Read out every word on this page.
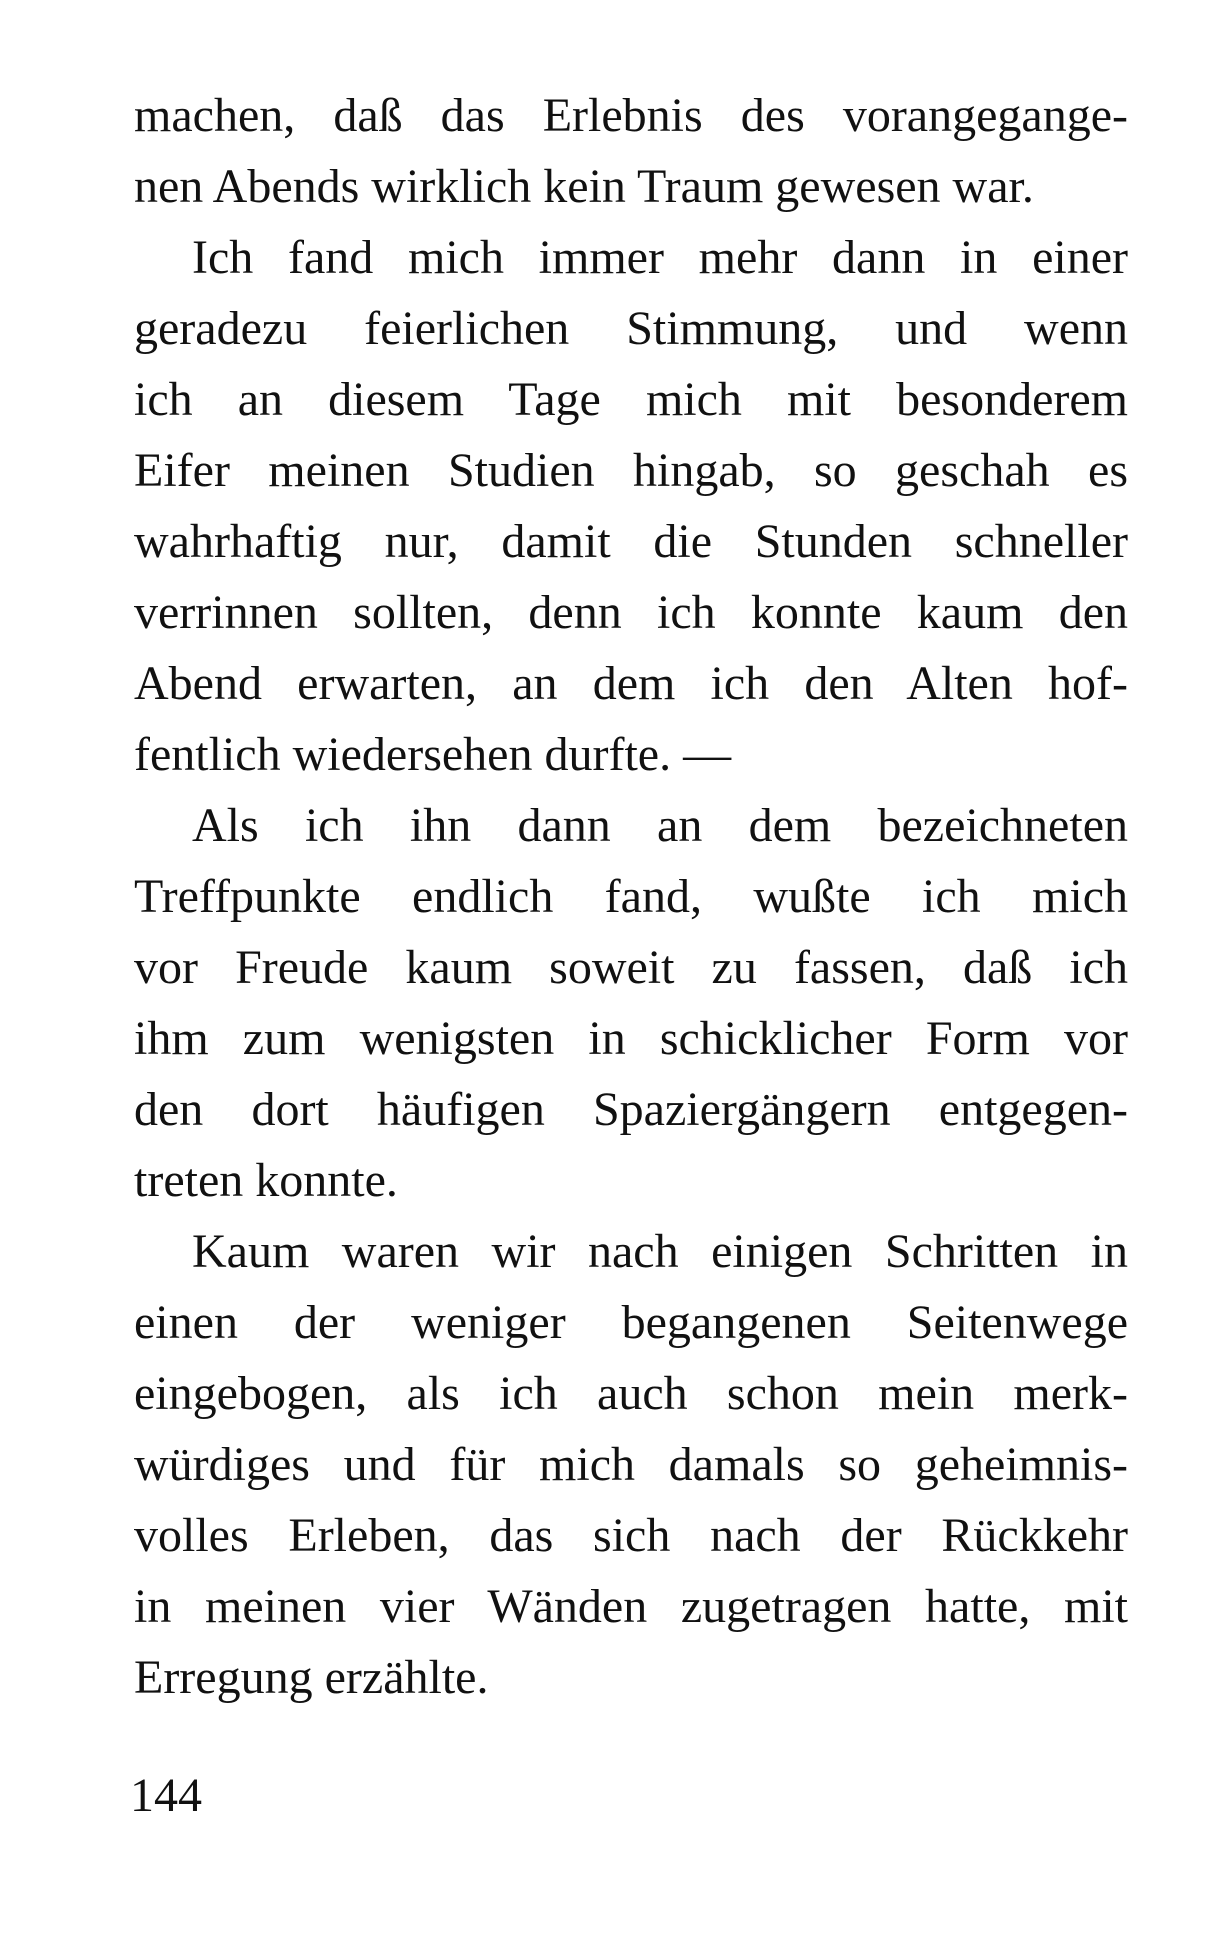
machen, daß das Erlebnis des vorangegange-
nen Abends wirklich kein Traum gewesen war.
Ich fand mich immer mehr dann in einer
geradezu feierlichen Stimmung, und wenn
ich an diesem Tage mich mit besonderem
Eifer meinen Studien hingab, so geschah es
wahrhaftig nur, damit die Stunden schneller
verrinnen sollten, denn ich konnte kaum den
Abend erwarten, an dem ich den Alten hof-
fentlich wiedersehen durfte. —
Als ich ihn dann an dem bezeichneten
Treffpunkte endlich fand, wußte ich mich
vor Freude kaum soweit zu fassen, daß ich
ihm zum wenigsten in schicklicher Form vor
den dort häufigen Spaziergängern entgegen-
treten konnte.
Kaum waren wir nach einigen Schritten in
einen der weniger begangenen Seitenwege
eingebogen, als ich auch schon mein merk-
würdiges und für mich damals so geheimnis-
volles Erleben, das sich nach der Rückkehr
in meinen vier Wänden zugetragen hatte, mit
Erregung erzählte.
144
